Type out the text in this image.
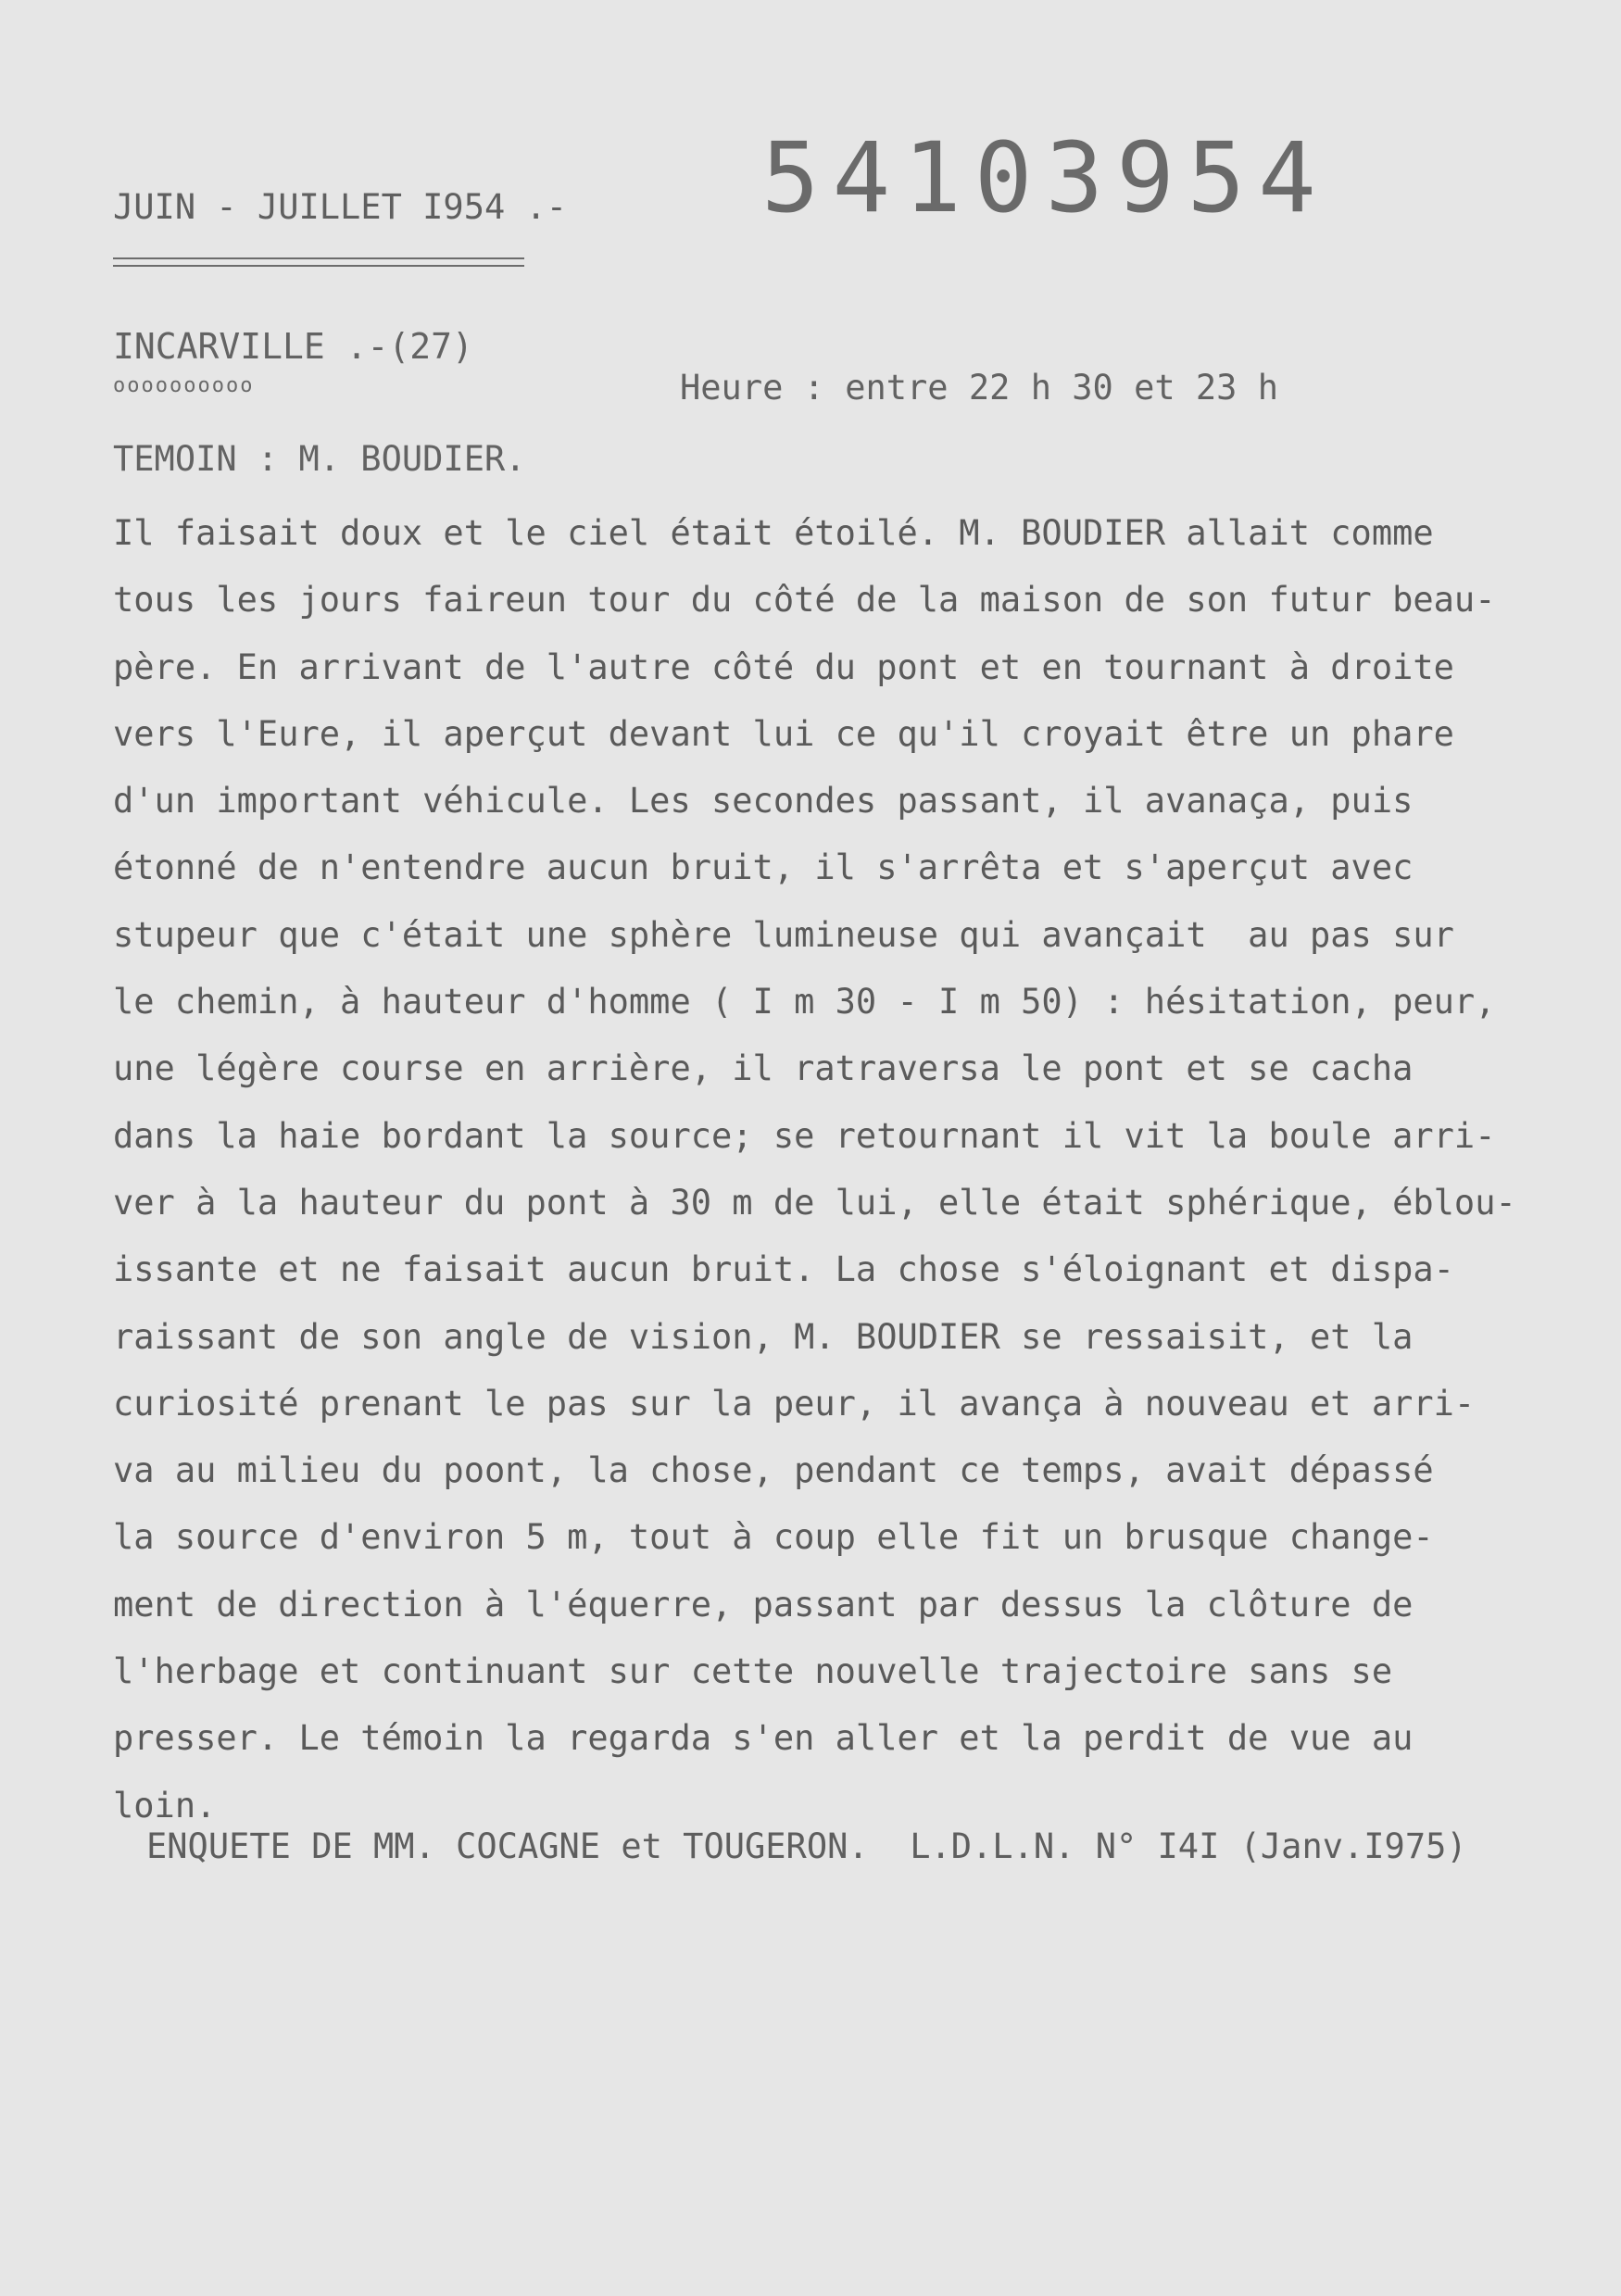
54103954
JUIN - JUILLET I954 .-
INCARVILLE .-(27)
oooooooooo	Heure : entre 22 h 30 et 23 h
TEMOIN : M. BOUDIER.
Il faisait doux et le ciel était étoilé. M. BOUDIER allait comme
tous les jours faireun tour du côté de la maison de son futur beau-
père. En arrivant de l'autre côté du pont et en tournant à droite
vers l'Eure, il aperçut devant lui ce qu'il croyait être un phare
d'un important véhicule. Les secondes passant, il avanaça, puis
étonné de n'entendre aucun bruit, il s'arrêta et s'aperçut avec
stupeur que c'était une sphère lumineuse qui avançait  au pas sur
le chemin, à hauteur d'homme ( I m 30 - I m 50) : hésitation, peur,
une légère course en arrière, il ratraversa le pont et se cacha
dans la haie bordant la source; se retournant il vit la boule arri-
ver à la hauteur du pont à 30 m de lui, elle était sphérique, éblou-
issante et ne faisait aucun bruit. La chose s'éloignant et dispa-
raissant de son angle de vision, M. BOUDIER se ressaisit, et la
curiosité prenant le pas sur la peur, il avança à nouveau et arri-
va au milieu du poont, la chose, pendant ce temps, avait dépassé
la source d'environ 5 m, tout à coup elle fit un brusque change-
ment de direction à l'équerre, passant par dessus la clôture de
l'herbage et continuant sur cette nouvelle trajectoire sans se
presser. Le témoin la regarda s'en aller et la perdit de vue au
loin.
ENQUETE DE MM. COCAGNE et TOUGERON.  L.D.L.N. N° I4I (Janv.I975)
